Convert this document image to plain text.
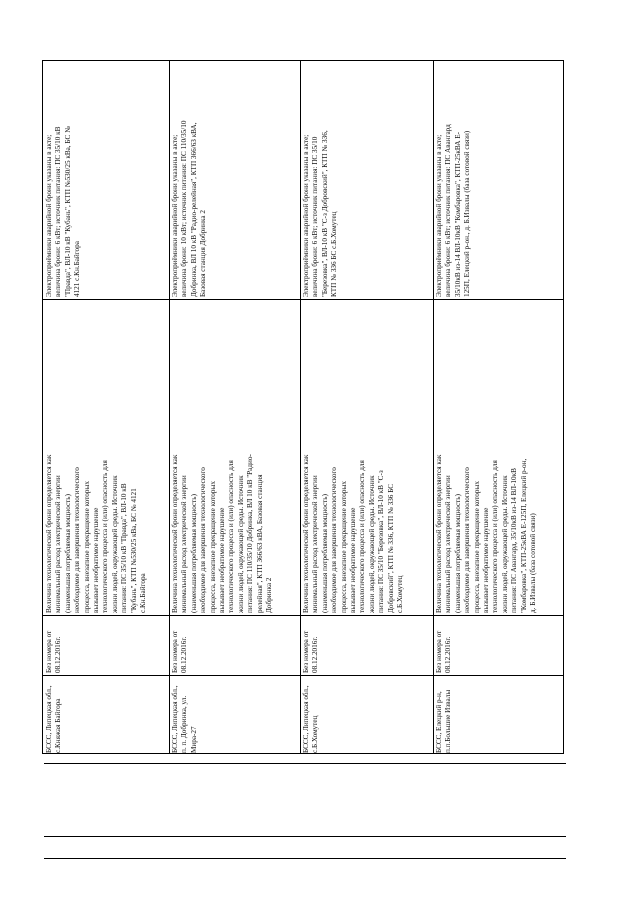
БССС, Липецкая обл.,
с.Княжая Байгора
Без номера от
08.12.2016г.
Величина технологической брони определяется как
минимальный расход электрической энергии
(наименьшая потребляемая мощность)
необходимое для завершения технологического
процесса, внезапное прекращение которых
вызывает необратимое нарушение
технологического процесса и (или) опасность для
жизни людей, окружающей среды. Источник
питания: ПС 35/10 кВ "Правда", ВЛ-10 кВ
"Кубань", КТП №530/25 кВа, БС № 4121
с.Кн.Байгора
Электроприёмники аварийной брони указаны в акте;
величина брони: 6 кВт; источник питания: ПС 35/10 кВ
"Правда", ВЛ-10 кВ "Кубань", КТП №530/25 кВа, БС №
4121 с.Кн.Байгора
БССС, Липецкая обл.,
п. п. Добринка, ул.
Мира-27
Без номера от
08.12.2016г.
Величина технологической брони определяется как
минимальный расход электрической энергии
(наименьшая потребляемая мощность)
необходимое для завершения технологического
процесса, внезапное прекращение которых
вызывает необратимое нарушение
технологического процесса и (или) опасность для
жизни людей, окружающей среды. Источник
питания: ПС 110/35/10 Добринка, ВЛ 10 кВ "Радио-
релейная", КТП 366/63 кВА, Базовая станция
Добринка 2
Электроприёмники аварийной брони указаны в акте;
величина брони: 10 кВт; источник питания: ПС 110/35/10
Добринка, ВЛ 10 кВ "Радио-релейная", КТП 366/63 кВА,
Базовая станция Добринка 2
БССС, Липецкая обл.,
с.Б.Хомутец
Без номера от
08.12.2016г.
Величина технологической брони определяется как
минимальный расход электрической энергии
(наименьшая потребляемая мощность)
необходимое для завершения технологического
процесса, внезапное прекращение которых
вызывает необратимое нарушение
технологического процесса и (или) опасность для
жизни людей, окружающей среды. Источник
питания: ПС 35/10 "Березовка", ВЛ-10 кВ "С-з
Добровский", КТП № 336, КТП № 336 БС
с.Б.Хомутец
Электроприёмники аварийной брони указаны в акте;
величина брони: 6 кВт; источник питания: ПС 35/10
"Березовка", ВЛ-10 кВ "С-з Добровский", КТП № 336,
КТП № 336 БС с.Б.Хомутец
БССС, Елецкий р-н,
п.п.Большие Извалы
Без номера от
08.12.2016г.
Величина технологической брони определяется как
минимальный расход электрической энергии
(наименьшая потребляемая мощность)
необходимое для завершения технологического
процесса, внезапное прекращение которых
вызывает необратимое нарушение
технологического процесса и (или) опасность для
жизни людей, окружающей среды. Источник
питания: ПС Авангард, 35/10кВ из-14 ВЛ-10кВ
"Комбаровка", КТП-25кВА Е-125П, Елецкий р-он,
д. Б.Извалы (база сотовой связи)
Электроприёмники аварийной брони указаны в акте;
величина брони: 6 кВт; источник питания: ПС Авангард
35/10кВ из-14 ВЛ-10кВ "Комбаровка", КТП-25кВА Е-
125П, Елецкий р-он., д. Б.Извалы (база сотовой связи)
